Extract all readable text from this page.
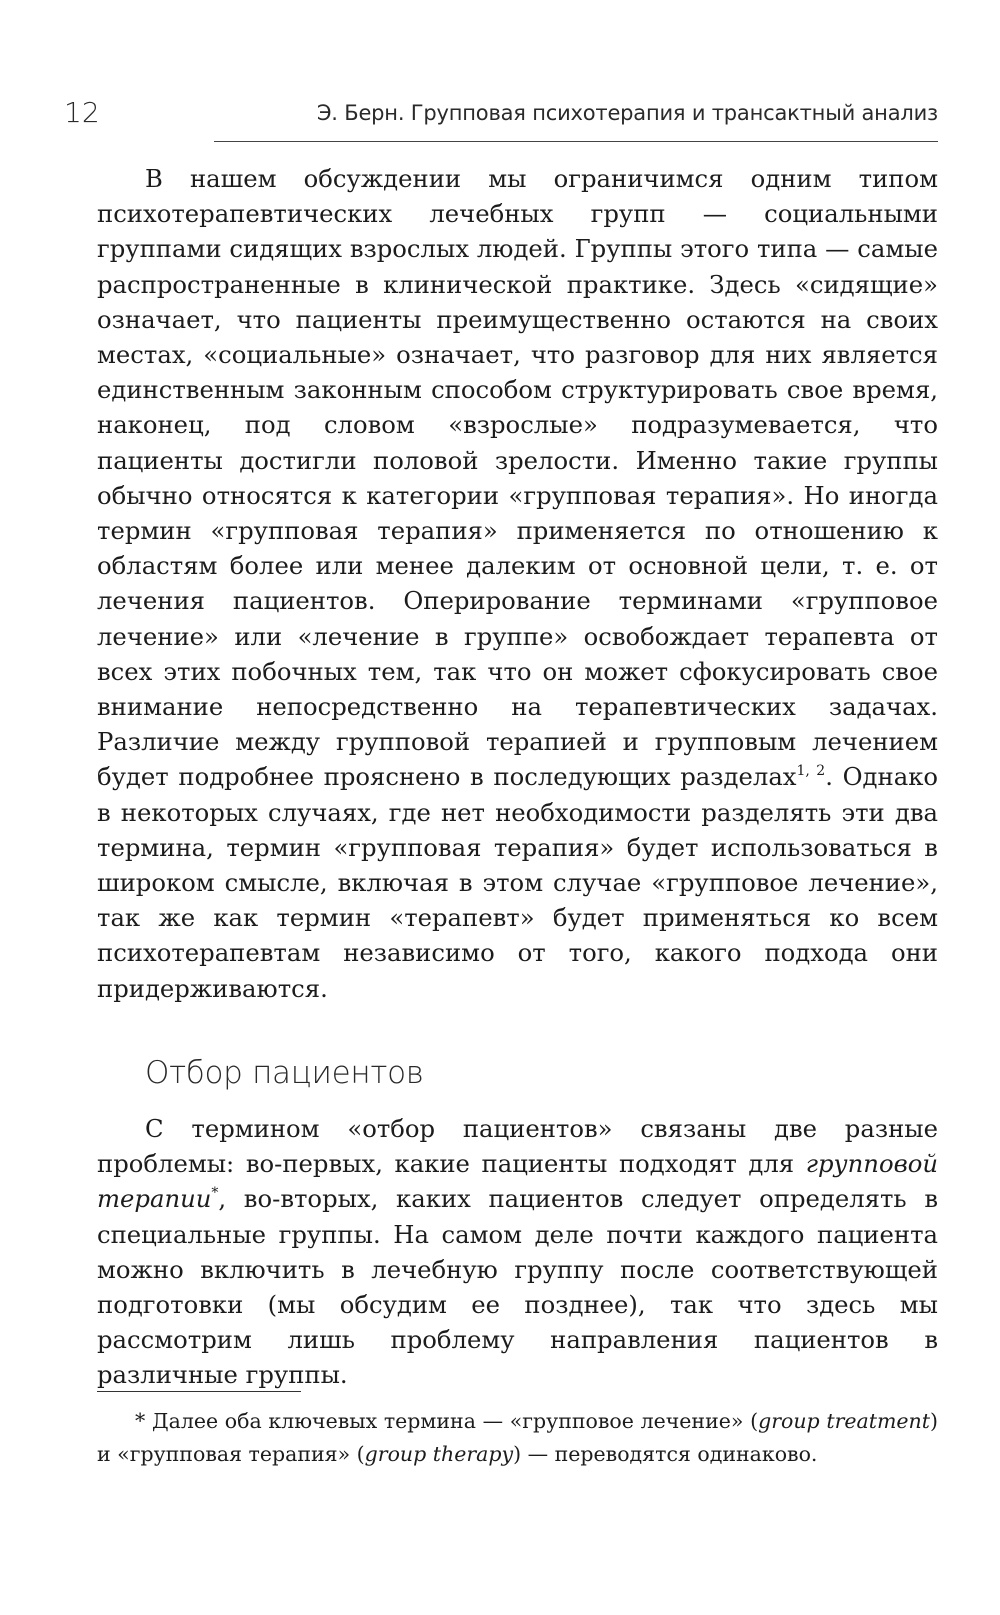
12	Э. Берн. Групповая психотерапия и трансактный анализ
В нашем обсуждении мы ограничимся одним типом психотерапевтических лечебных групп — социальными группами сидящих взрослых людей. Группы этого типа — самые распространенные в клинической практике. Здесь «сидящие» означает, что пациенты преимущественно остаются на своих местах, «социальные» означает, что разговор для них является единственным законным способом структурировать свое время, наконец, под словом «взрослые» подразумевается, что пациенты достигли половой зрелости. Именно такие группы обычно относятся к категории «групповая терапия». Но иногда термин «групповая терапия» применяется по отношению к областям более или менее далеким от основной цели, т. е. от лечения пациентов. Оперирование терминами «групповое лечение» или «лечение в группе» освобождает терапевта от всех этих побочных тем, так что он может сфокусировать свое внимание непосредственно на терапевтических задачах. Различие между групповой терапией и групповым лечением будет подробнее прояснено в последующих разделах$^{1, 2}$. Однако в некоторых случаях, где нет необходимости разделять эти два термина, термин «групповая терапия» будет использоваться в широком смысле, включая в этом случае «групповое лечение», так же как термин «терапевт» будет применяться ко всем психотерапевтам независимо от того, какого подхода они придерживаются.
Отбор пациентов
С термином «отбор пациентов» связаны две разные проблемы: во-первых, какие пациенты подходят для групповой терапии*, во-вторых, каких пациентов следует определять в специальные группы. На самом деле почти каждого пациента можно включить в лечебную группу после соответствующей подготовки (мы обсудим ее позднее), так что здесь мы рассмотрим лишь проблему направления пациентов в различные группы.
* Далее оба ключевых термина — «групповое лечение» (group treatment) и «групповая терапия» (group therapy) — переводятся одинаково.
